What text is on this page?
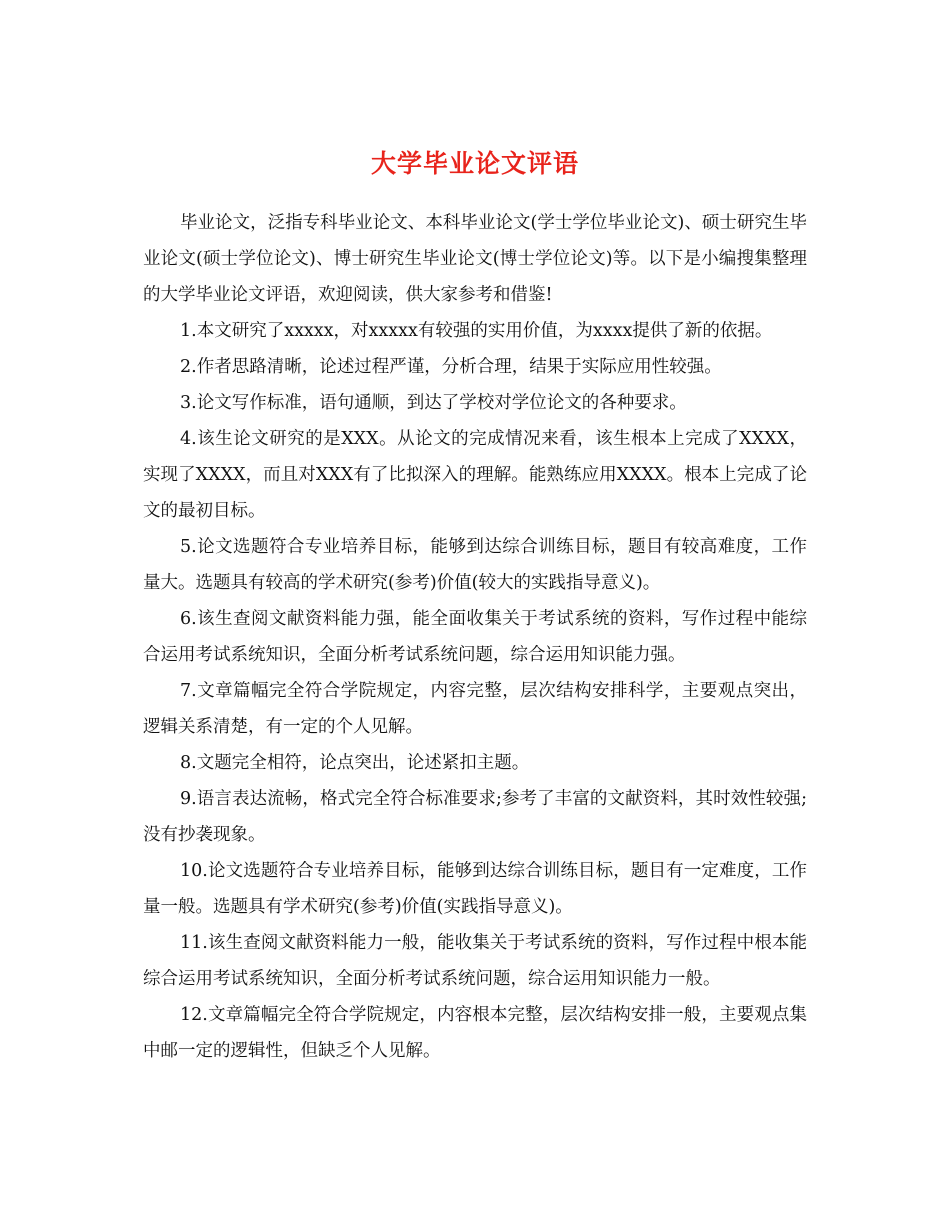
大学毕业论文评语

毕业论文，泛指专科毕业论文、本科毕业论文(学士学位毕业论文)、硕士研究生毕业论文(硕士学位论文)、博士研究生毕业论文(博士学位论文)等。以下是小编搜集整理的大学毕业论文评语，欢迎阅读，供大家参考和借鉴!

1.本文研究了xxxxx，对xxxxx有较强的实用价值，为xxxx提供了新的依据。

2.作者思路清晰，论述过程严谨，分析合理，结果于实际应用性较强。

3.论文写作标准，语句通顺，到达了学校对学位论文的各种要求。

4.该生论文研究的是XXX。从论文的完成情况来看，该生根本上完成了XXXX，实现了XXXX，而且对XXX有了比拟深入的理解。能熟练应用XXXX。根本上完成了论文的最初目标。

5.论文选题符合专业培养目标，能够到达综合训练目标，题目有较高难度，工作量大。选题具有较高的学术研究(参考)价值(较大的实践指导意义)。

6.该生查阅文献资料能力强，能全面收集关于考试系统的资料，写作过程中能综合运用考试系统知识，全面分析考试系统问题，综合运用知识能力强。

7.文章篇幅完全符合学院规定，内容完整，层次结构安排科学，主要观点突出，逻辑关系清楚，有一定的个人见解。

8.文题完全相符，论点突出，论述紧扣主题。

9.语言表达流畅，格式完全符合标准要求;参考了丰富的文献资料，其时效性较强;没有抄袭现象。

10.论文选题符合专业培养目标，能够到达综合训练目标，题目有一定难度，工作量一般。选题具有学术研究(参考)价值(实践指导意义)。

11.该生查阅文献资料能力一般，能收集关于考试系统的资料，写作过程中根本能综合运用考试系统知识，全面分析考试系统问题，综合运用知识能力一般。

12.文章篇幅完全符合学院规定，内容根本完整，层次结构安排一般，主要观点集中邮一定的逻辑性，但缺乏个人见解。
